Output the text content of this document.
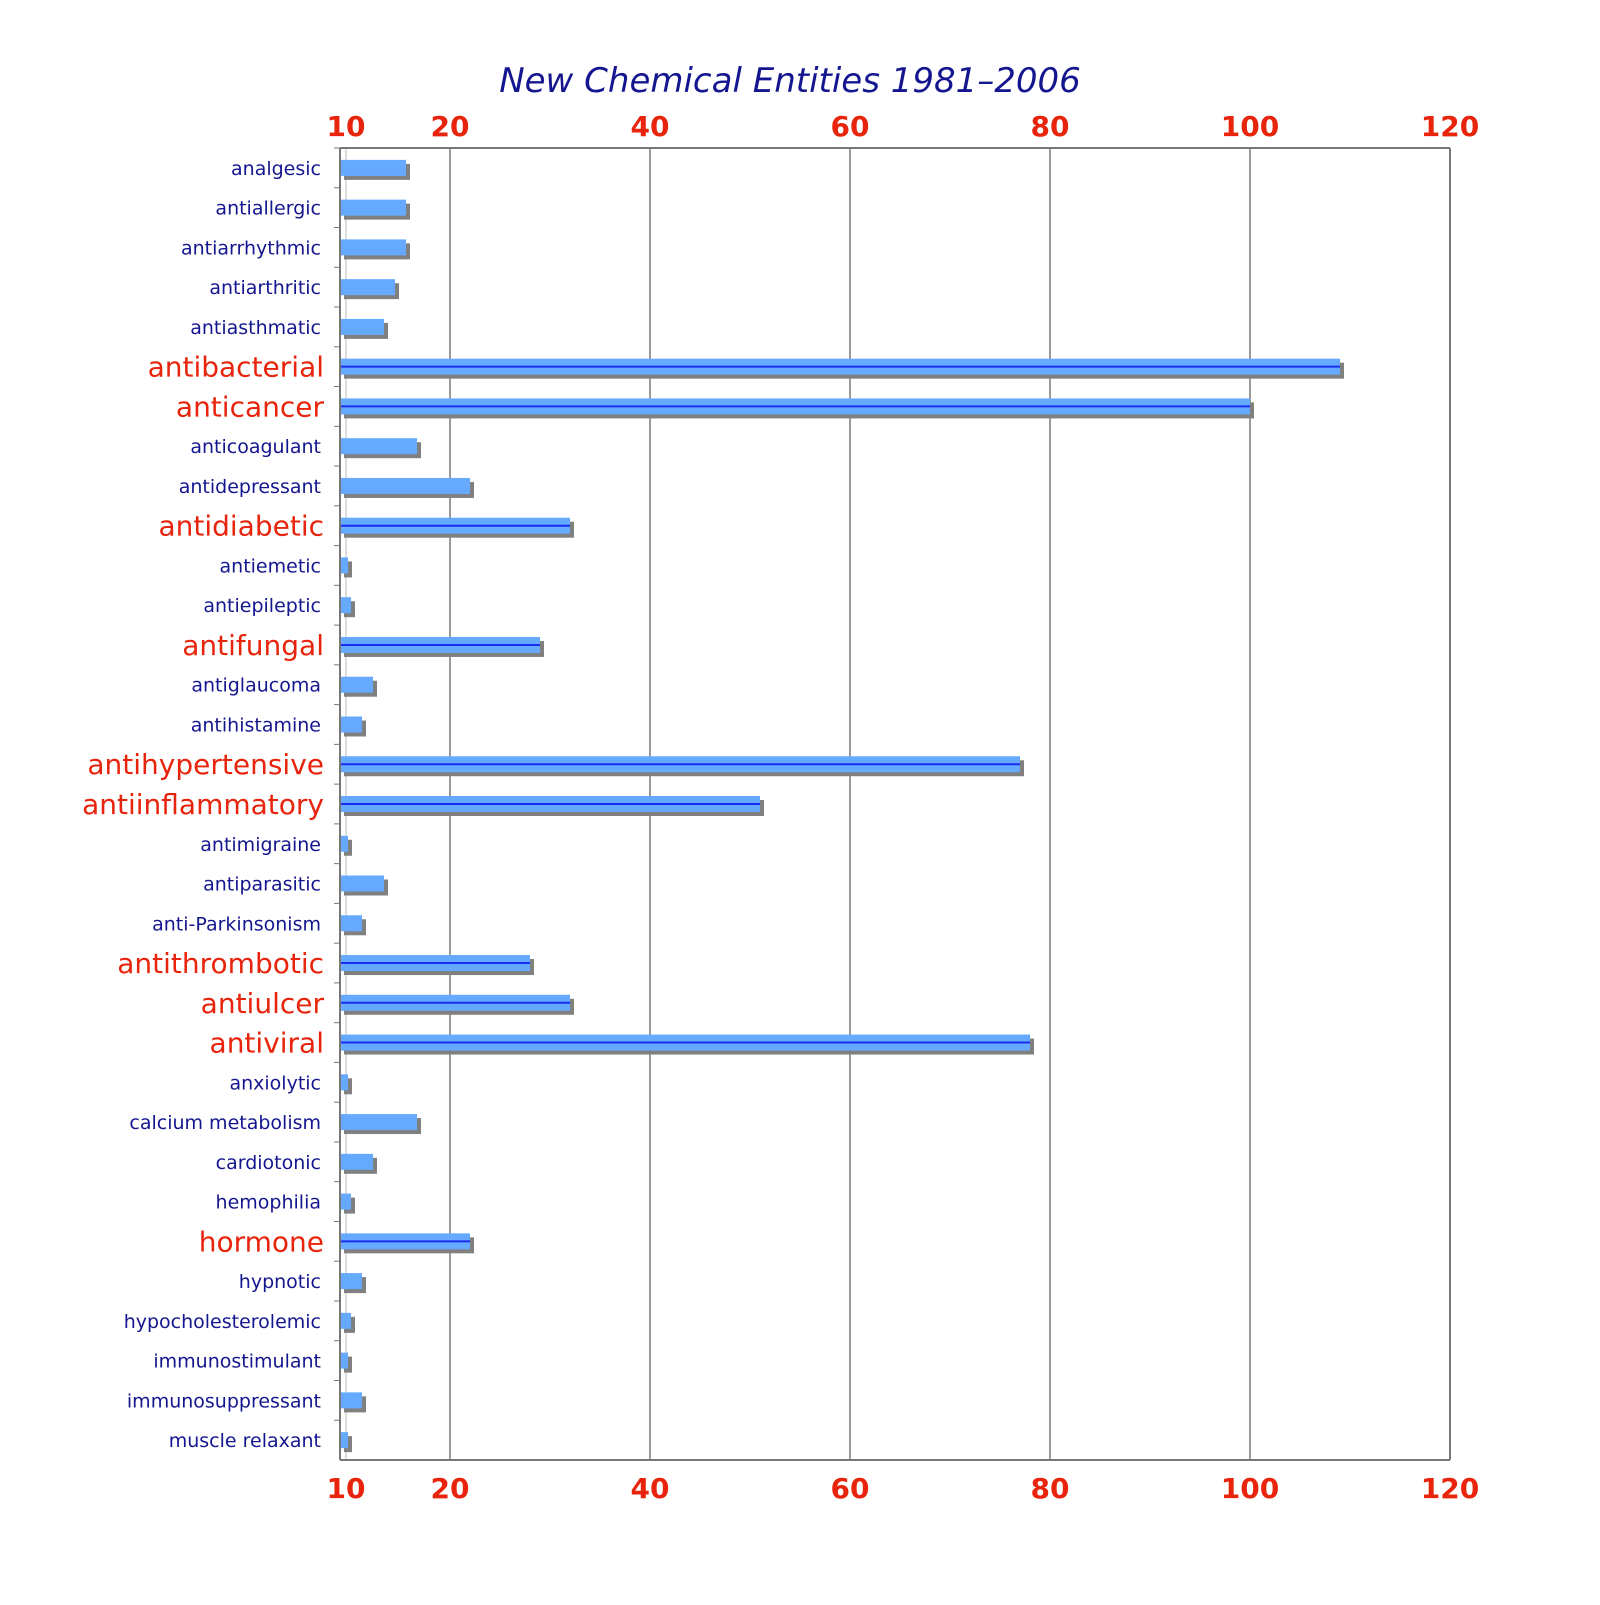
New Chemical Entities 1981–2006
10
10
20
20
40
40
60
60
80
80
100
100
120
120
analgesic
antiallergic
antiarrhythmic
antiarthritic
antiasthmatic
antibacterial
anticancer
anticoagulant
antidepressant
antidiabetic
antiemetic
antiepileptic
antifungal
antiglaucoma
antihistamine
antihypertensive
antiinflammatory
antimigraine
antiparasitic
anti-Parkinsonism
antithrombotic
antiulcer
antiviral
anxiolytic
calcium metabolism
cardiotonic
hemophilia
hormone
hypnotic
hypocholesterolemic
immunostimulant
immunosuppressant
muscle relaxant
